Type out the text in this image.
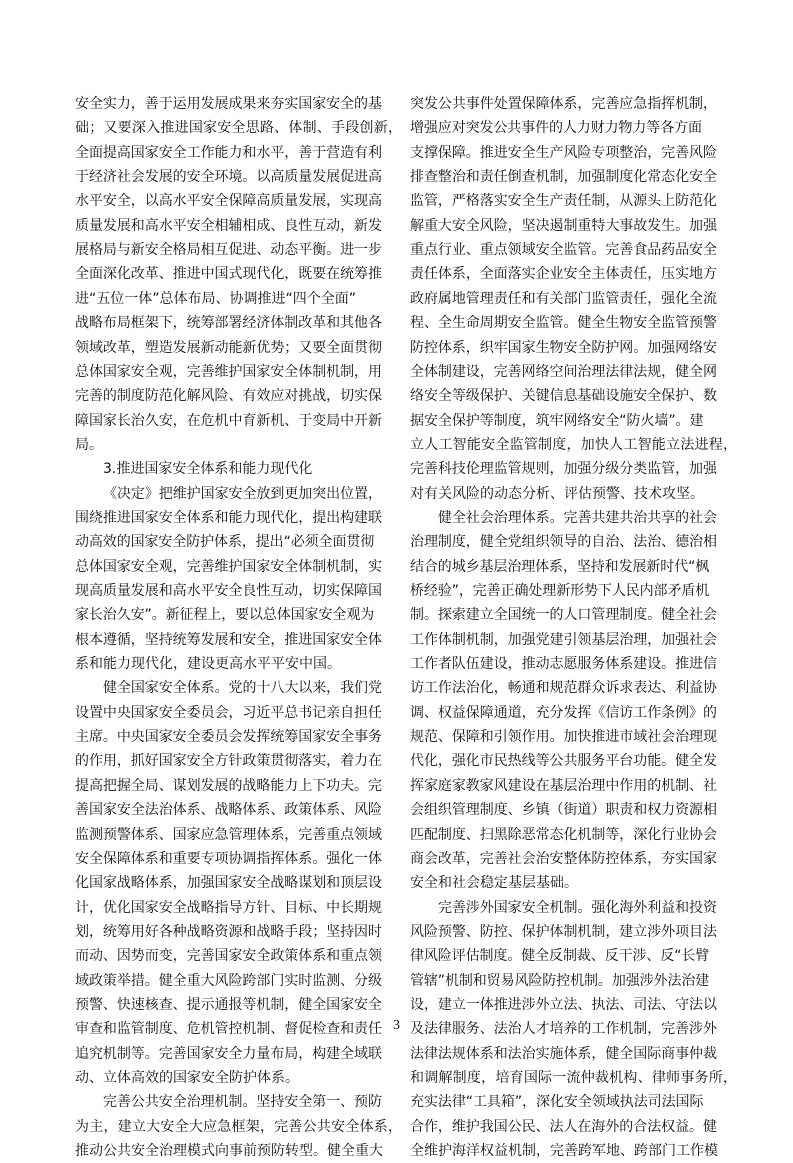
安全实力，善于运用发展成果来夯实国家安全的基
础；又要深入推进国家安全思路、体制、手段创新，
全面提高国家安全工作能力和水平，善于营造有利
于经济社会发展的安全环境。以高质量发展促进高
水平安全，以高水平安全保障高质量发展，实现高
质量发展和高水平安全相辅相成、良性互动，新发
展格局与新安全格局相互促进、动态平衡。进一步
全面深化改革、推进中国式现代化，既要在统筹推
进“五位一体”总体布局、协调推进“四个全面”
战略布局框架下，统筹部署经济体制改革和其他各
领域改革，塑造发展新动能新优势；又要全面贯彻
总体国家安全观，完善维护国家安全体制机制，用
完善的制度防范化解风险、有效应对挑战，切实保
障国家长治久安，在危机中育新机、于变局中开新
局。
3.推进国家安全体系和能力现代化
《决定》把维护国家安全放到更加突出位置，
围绕推进国家安全体系和能力现代化，提出构建联
动高效的国家安全防护体系，提出“必须全面贯彻
总体国家安全观，完善维护国家安全体制机制，实
现高质量发展和高水平安全良性互动，切实保障国
家长治久安”。新征程上，要以总体国家安全观为
根本遵循，坚持统筹发展和安全，推进国家安全体
系和能力现代化，建设更高水平平安中国。
健全国家安全体系。党的十八大以来，我们党
设置中央国家安全委员会，习近平总书记亲自担任
主席。中央国家安全委员会发挥统筹国家安全事务
的作用，抓好国家安全方针政策贯彻落实，着力在
提高把握全局、谋划发展的战略能力上下功夫。完
善国家安全法治体系、战略体系、政策体系、风险
监测预警体系、国家应急管理体系，完善重点领域
安全保障体系和重要专项协调指挥体系。强化一体
化国家战略体系，加强国家安全战略谋划和顶层设
计，优化国家安全战略指导方针、目标、中长期规
划，统筹用好各种战略资源和战略手段；坚持因时
而动、因势而变，完善国家安全政策体系和重点领
域政策举措。健全重大风险跨部门实时监测、分级
预警、快速核查、提示通报等机制，健全国家安全
审查和监管制度、危机管控机制、督促检查和责任
追究机制等。完善国家安全力量布局，构建全域联
动、立体高效的国家安全防护体系。
完善公共安全治理机制。坚持安全第一、预防
为主，建立大安全大应急框架，完善公共安全体系，
推动公共安全治理模式向事前预防转型。健全重大
突发公共事件处置保障体系，完善应急指挥机制，
增强应对突发公共事件的人力财力物力等各方面
支撑保障。推进安全生产风险专项整治，完善风险
排查整治和责任倒查机制，加强制度化常态化安全
监管，严格落实安全生产责任制，从源头上防范化
解重大安全风险，坚决遏制重特大事故发生。加强
重点行业、重点领域安全监管。完善食品药品安全
责任体系，全面落实企业安全主体责任，压实地方
政府属地管理责任和有关部门监管责任，强化全流
程、全生命周期安全监管。健全生物安全监管预警
防控体系，织牢国家生物安全防护网。加强网络安
全体制建设，完善网络空间治理法律法规，健全网
络安全等级保护、关键信息基础设施安全保护、数
据安全保护等制度，筑牢网络安全“防火墙”。建
立人工智能安全监管制度，加快人工智能立法进程，
完善科技伦理监管规则，加强分级分类监管，加强
对有关风险的动态分析、评估预警、技术攻坚。
健全社会治理体系。完善共建共治共享的社会
治理制度，健全党组织领导的自治、法治、德治相
结合的城乡基层治理体系，坚持和发展新时代“枫
桥经验”，完善正确处理新形势下人民内部矛盾机
制。探索建立全国统一的人口管理制度。健全社会
工作体制机制，加强党建引领基层治理，加强社会
工作者队伍建设，推动志愿服务体系建设。推进信
访工作法治化，畅通和规范群众诉求表达、利益协
调、权益保障通道，充分发挥《信访工作条例》的
规范、保障和引领作用。加快推进市域社会治理现
代化，强化市民热线等公共服务平台功能。健全发
挥家庭家教家风建设在基层治理中作用的机制、社
会组织管理制度、乡镇（街道）职责和权力资源相
匹配制度、扫黑除恶常态化机制等，深化行业协会
商会改革，完善社会治安整体防控体系，夯实国家
安全和社会稳定基层基础。
完善涉外国家安全机制。强化海外利益和投资
风险预警、防控、保护体制机制，建立涉外项目法
律风险评估制度。健全反制裁、反干涉、反“长臂
管辖”机制和贸易风险防控机制。加强涉外法治建
设，建立一体推进涉外立法、执法、司法、守法以
及法律服务、法治人才培养的工作机制，完善涉外
法律法规体系和法治实施体系，健全国际商事仲裁
和调解制度，培育国际一流仲裁机构、律师事务所，
充实法律“工具箱”，深化安全领域执法司法国际
合作，维护我国公民、法人在海外的合法权益。健
全维护海洋权益机制，完善跨军地、跨部门工作模
3
